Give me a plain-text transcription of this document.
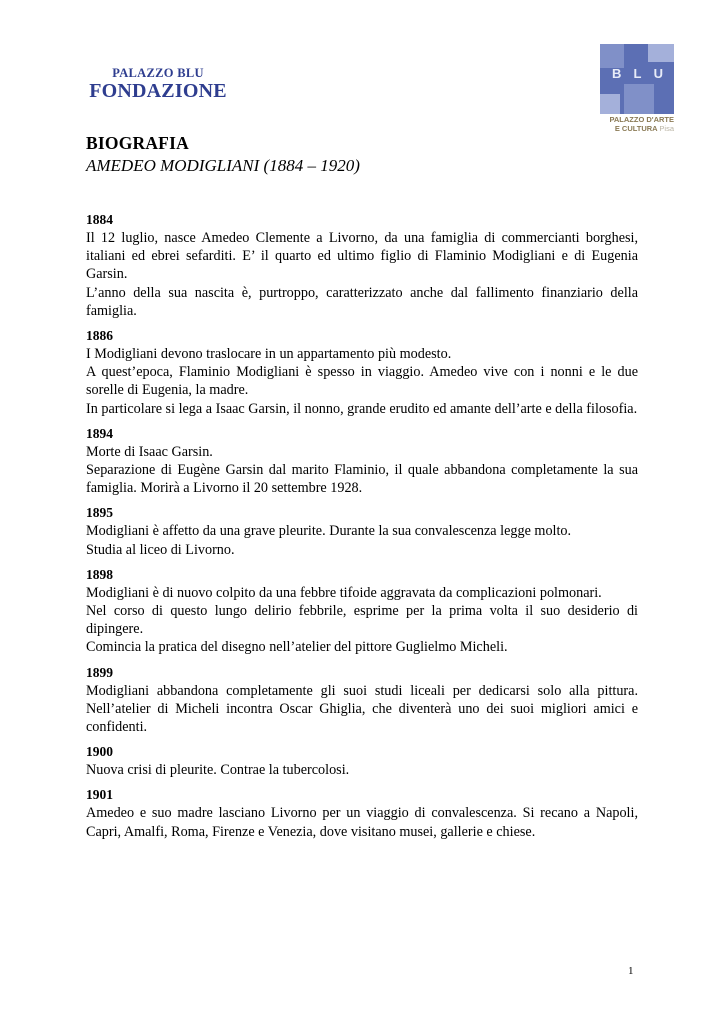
PALAZZO BLU
FONDAZIONE
B L U
PALAZZO D'ARTE
E CULTURA Pisa
BIOGRAFIA
AMEDEO MODIGLIANI (1884 – 1920)
1884
Il 12 luglio, nasce Amedeo Clemente a Livorno, da una famiglia di commercianti borghesi, italiani ed ebrei sefarditi. E’ il quarto ed ultimo figlio di Flaminio Modigliani e di Eugenia Garsin.
L’anno della sua nascita è, purtroppo, caratterizzato anche dal fallimento finanziario della famiglia.
1886
I Modigliani devono traslocare in un appartamento più modesto.
A quest’epoca, Flaminio Modigliani è spesso in viaggio. Amedeo vive con i nonni e le due sorelle di Eugenia, la madre.
In particolare si lega a Isaac Garsin, il nonno, grande erudito ed amante dell’arte e della filosofia.
1894
Morte di Isaac Garsin.
Separazione di Eugène Garsin dal marito Flaminio, il quale abbandona completamente la sua famiglia. Morirà a Livorno il 20 settembre 1928.
1895
Modigliani è affetto da una grave pleurite. Durante la sua convalescenza legge molto.
Studia al liceo di Livorno.
1898
Modigliani è di nuovo colpito da una febbre tifoide aggravata da complicazioni polmonari.
Nel corso di questo lungo delirio febbrile, esprime per la prima volta il suo desiderio di dipingere.
Comincia la pratica del disegno nell’atelier del pittore Guglielmo Micheli.
1899
Modigliani abbandona completamente gli suoi studi liceali per dedicarsi solo alla pittura. Nell’atelier di Micheli incontra Oscar Ghiglia, che diventerà uno dei suoi migliori amici e confidenti.
1900
Nuova crisi di pleurite. Contrae la tubercolosi.
1901
Amedeo e suo madre lasciano Livorno per un viaggio di convalescenza. Si recano a Napoli, Capri, Amalfi, Roma, Firenze e Venezia, dove visitano musei, gallerie e chiese.
1
